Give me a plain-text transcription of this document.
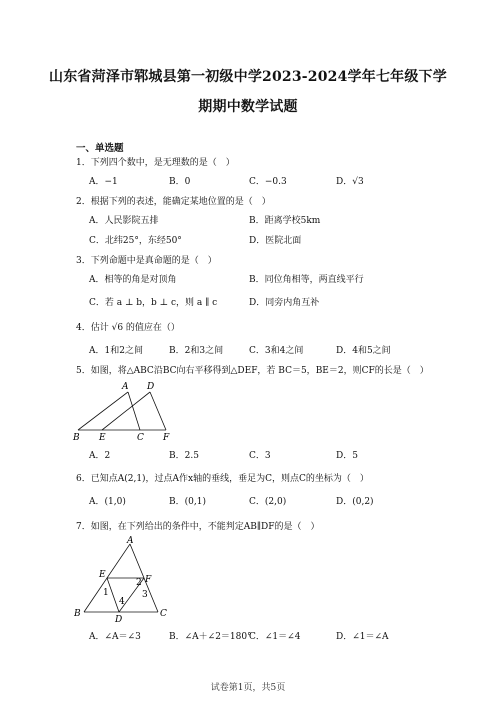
山东省菏泽市郓城县第一初级中学2023-2024学年七年级下学
期期中数学试题
一、单选题
1．下列四个数中，是无理数的是（　）
A．−1	B．0	C．−0.3	D．√3
2．根据下列的表述，能确定某地位置的是（　）
A．人民影院五排	B．距离学校5km
C．北纬25°，东经50°	D．医院北面
3．下列命题中是真命题的是（　）
A．相等的角是对顶角	B．同位角相等，两直线平行
C．若 a ⊥ b，b ⊥ c，则 a ∥ c	D．同旁内角互补
4．估计 √6 的值应在（）
A．1和2之间	B．2和3之间	C．3和4之间	D．4和5之间
5．如图，将△ABC沿BC向右平移得到△DEF，若 BC＝5，BE＝2，则CF的长是（　）
A D
B E	C F
A．2	B．2.5	C．3	D．5
6．已知点A(2,1)，过点A作x轴的垂线，垂足为C，则点C的坐标为（　）
A．(1,0)	B．(0,1)	C．(2,0)	D．(0,2)
7．如图，在下列给出的条件中，不能判定AB∥DF的是（　）
A
E	F
B
D
C
1
2
3
4
A．∠A＝∠3	B．∠A＋∠2＝180°
C．∠1＝∠4	D．∠1＝∠A
试卷第1页，共5页
